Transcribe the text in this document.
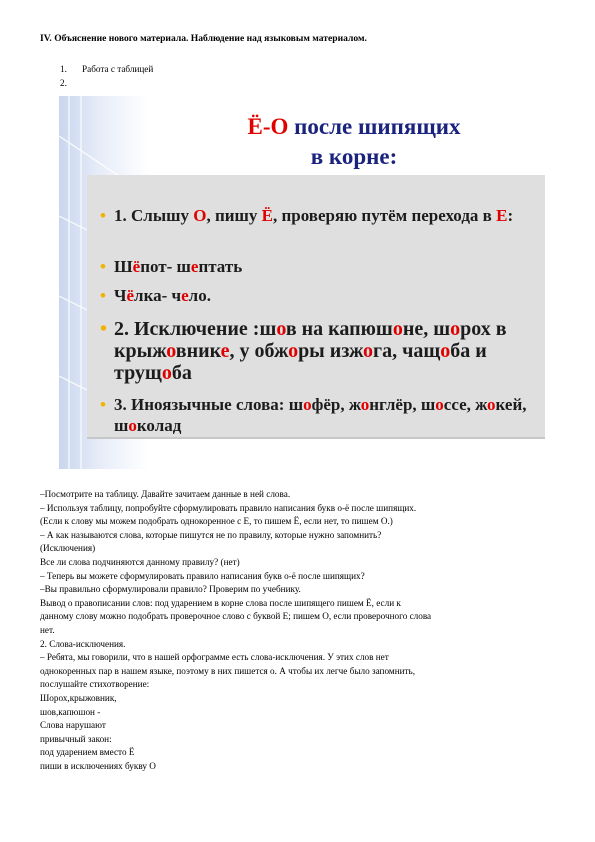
IV. Объяснение нового материала. Наблюдение над языковым материалом.
1. Работа с таблицей
2.
Ё-О после шипящих
в корне:
• 1. Слышу О, пишу Ё, проверяю путём перехода в Е:
• Шёпот- шептать
• Чёлка- чело.
• 2. Исключение :шов на капюшоне, шорох в крыжовнике, у обжоры изжога, чащоба и трущоба
• 3. Иноязычные слова: шофёр, жонглёр, шоссе, жокей, шоколад

–Посмотрите на таблицу. Давайте зачитаем данные в ней слова.

– Используя таблицу, попробуйте сформулировать правило написания букв о-ё после шипящих.

(Если к слову мы можем подобрать однокоренное с Е, то пишем Ё, если нет, то пишем О.)

– А как называются слова, которые пишутся не по правилу, которые нужно запомнить?

(Исключения)

Все ли слова подчиняются данному правилу? (нет)

– Теперь вы можете сформулировать правило написания букв о-ё после шипящих?

–Вы правильно сформулировали правило? Проверим по учебнику.

Вывод о правописании слов: под ударением в корне слова после шипящего пишем Ё, если к

данному слову можно подобрать проверочное слово с буквой Е; пишем О, если проверочного слова

нет.

2. Слова-исключения.

– Ребята, мы говорили, что в нашей орфограмме есть слова-исключения. У этих слов нет

однокоренных пар в нашем языке, поэтому в них пишется о. А чтобы их легче было запомнить,

послушайте стихотворение:

Шорох,крыжовник,

шов,капюшон -

Слова нарушают

привычный закон:

под ударением вместо Ё

пиши в исключениях букву О
